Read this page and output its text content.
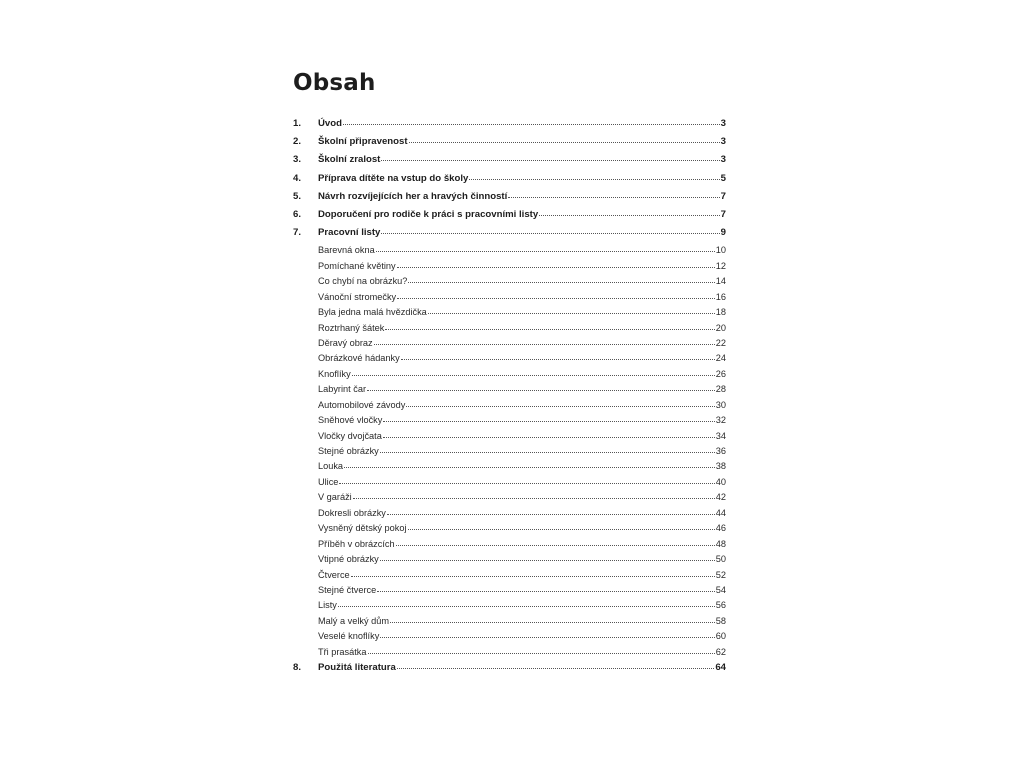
Obsah
1.	Úvod	3
2.	Školní připravenost	3
3.	Školní zralost	3
4.	Příprava dítěte na vstup do školy	5
5.	Návrh rozvíjejících her a hravých činností	7
6.	Doporučení pro rodiče k práci s pracovními listy	7
7.	Pracovní listy	9
Barevná okna	10
Pomíchané květiny	12
Co chybí na obrázku?	14
Vánoční stromečky	16
Byla jedna malá hvězdička	18
Roztrhaný šátek	20
Děravý obraz	22
Obrázkové hádanky	24
Knoflíky	26
Labyrint čar	28
Automobilové závody	30
Sněhové vločky	32
Vločky dvojčata	34
Stejné obrázky	36
Louka	38
Ulice	40
V garáži	42
Dokresli obrázky	44
Vysněný dětský pokoj	46
Příběh v obrázcích	48
Vtipné obrázky	50
Čtverce	52
Stejné čtverce	54
Listy	56
Malý a velký dům	58
Veselé knoflíky	60
Tři prasátka	62
8.	Použitá literatura	64
